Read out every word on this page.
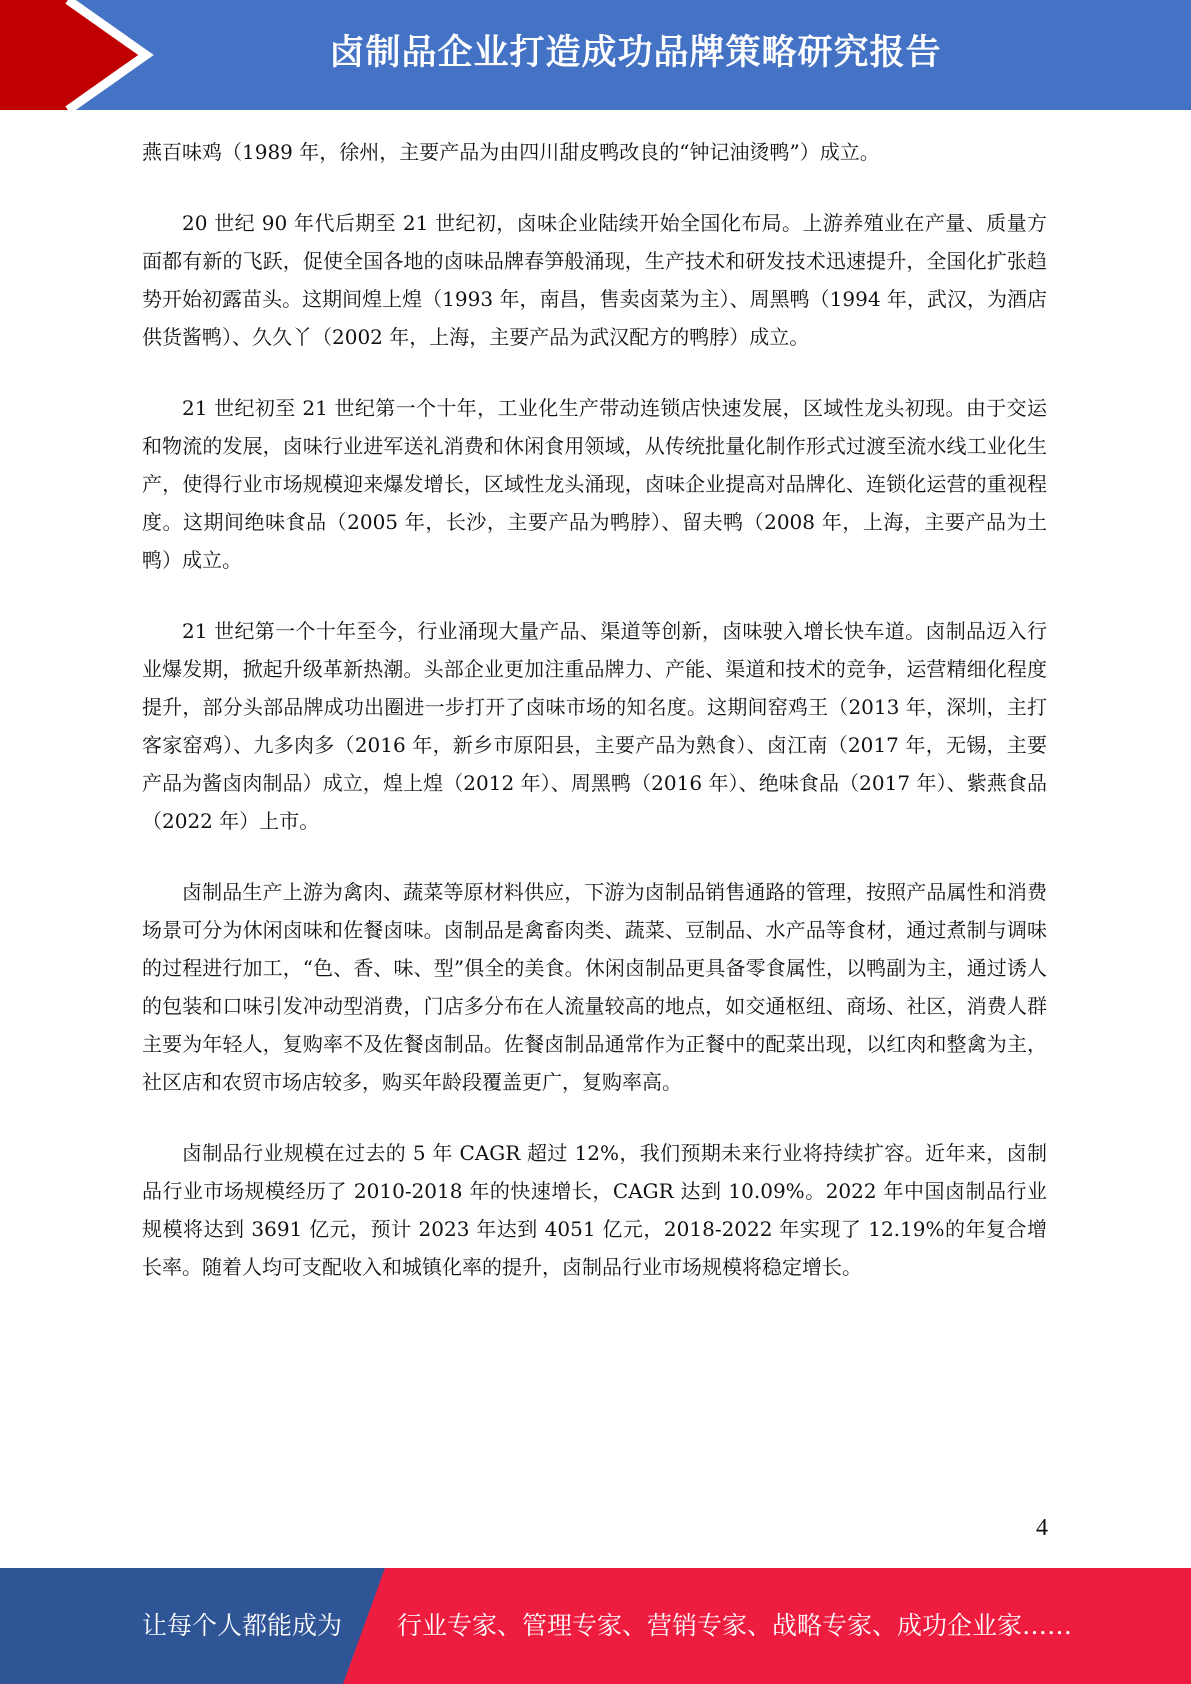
卤制品企业打造成功品牌策略研究报告

燕百味鸡（1989 年，徐州，主要产品为由四川甜皮鸭改良的“钟记油烫鸭”）成立。

20 世纪 90 年代后期至 21 世纪初，卤味企业陆续开始全国化布局。上游养殖业在产量、质量方面都有新的飞跃，促使全国各地的卤味品牌春笋般涌现，生产技术和研发技术迅速提升，全国化扩张趋势开始初露苗头。这期间煌上煌（1993 年，南昌，售卖卤菜为主）、周黑鸭（1994 年，武汉，为酒店供货酱鸭）、久久丫（2002 年，上海，主要产品为武汉配方的鸭脖）成立。

21 世纪初至 21 世纪第一个十年，工业化生产带动连锁店快速发展，区域性龙头初现。由于交运和物流的发展，卤味行业进军送礼消费和休闲食用领域，从传统批量化制作形式过渡至流水线工业化生产，使得行业市场规模迎来爆发增长，区域性龙头涌现，卤味企业提高对品牌化、连锁化运营的重视程度。这期间绝味食品（2005 年，长沙，主要产品为鸭脖）、留夫鸭（2008 年，上海，主要产品为土鸭）成立。

21 世纪第一个十年至今，行业涌现大量产品、渠道等创新，卤味驶入增长快车道。卤制品迈入行业爆发期，掀起升级革新热潮。头部企业更加注重品牌力、产能、渠道和技术的竞争，运营精细化程度提升，部分头部品牌成功出圈进一步打开了卤味市场的知名度。这期间窑鸡王（2013 年，深圳，主打客家窑鸡）、九多肉多（2016 年，新乡市原阳县，主要产品为熟食）、卤江南（2017 年，无锡，主要产品为酱卤肉制品）成立，煌上煌（2012 年）、周黑鸭（2016 年）、绝味食品（2017 年）、紫燕食品（2022 年）上市。

卤制品生产上游为禽肉、蔬菜等原材料供应，下游为卤制品销售通路的管理，按照产品属性和消费场景可分为休闲卤味和佐餐卤味。卤制品是禽畜肉类、蔬菜、豆制品、水产品等食材，通过煮制与调味的过程进行加工，“色、香、味、型”俱全的美食。休闲卤制品更具备零食属性，以鸭副为主，通过诱人的包装和口味引发冲动型消费，门店多分布在人流量较高的地点，如交通枢纽、商场、社区，消费人群主要为年轻人，复购率不及佐餐卤制品。佐餐卤制品通常作为正餐中的配菜出现，以红肉和整禽为主，社区店和农贸市场店较多，购买年龄段覆盖更广，复购率高。

卤制品行业规模在过去的 5 年 CAGR 超过 12%，我们预期未来行业将持续扩容。近年来，卤制品行业市场规模经历了 2010-2018 年的快速增长，CAGR 达到 10.09%。2022 年中国卤制品行业规模将达到 3691 亿元，预计 2023 年达到 4051 亿元，2018-2022 年实现了 12.19%的年复合增长率。随着人均可支配收入和城镇化率的提升，卤制品行业市场规模将稳定增长。

4
让每个人都能成为 行业专家、管理专家、营销专家、战略专家、成功企业家……
